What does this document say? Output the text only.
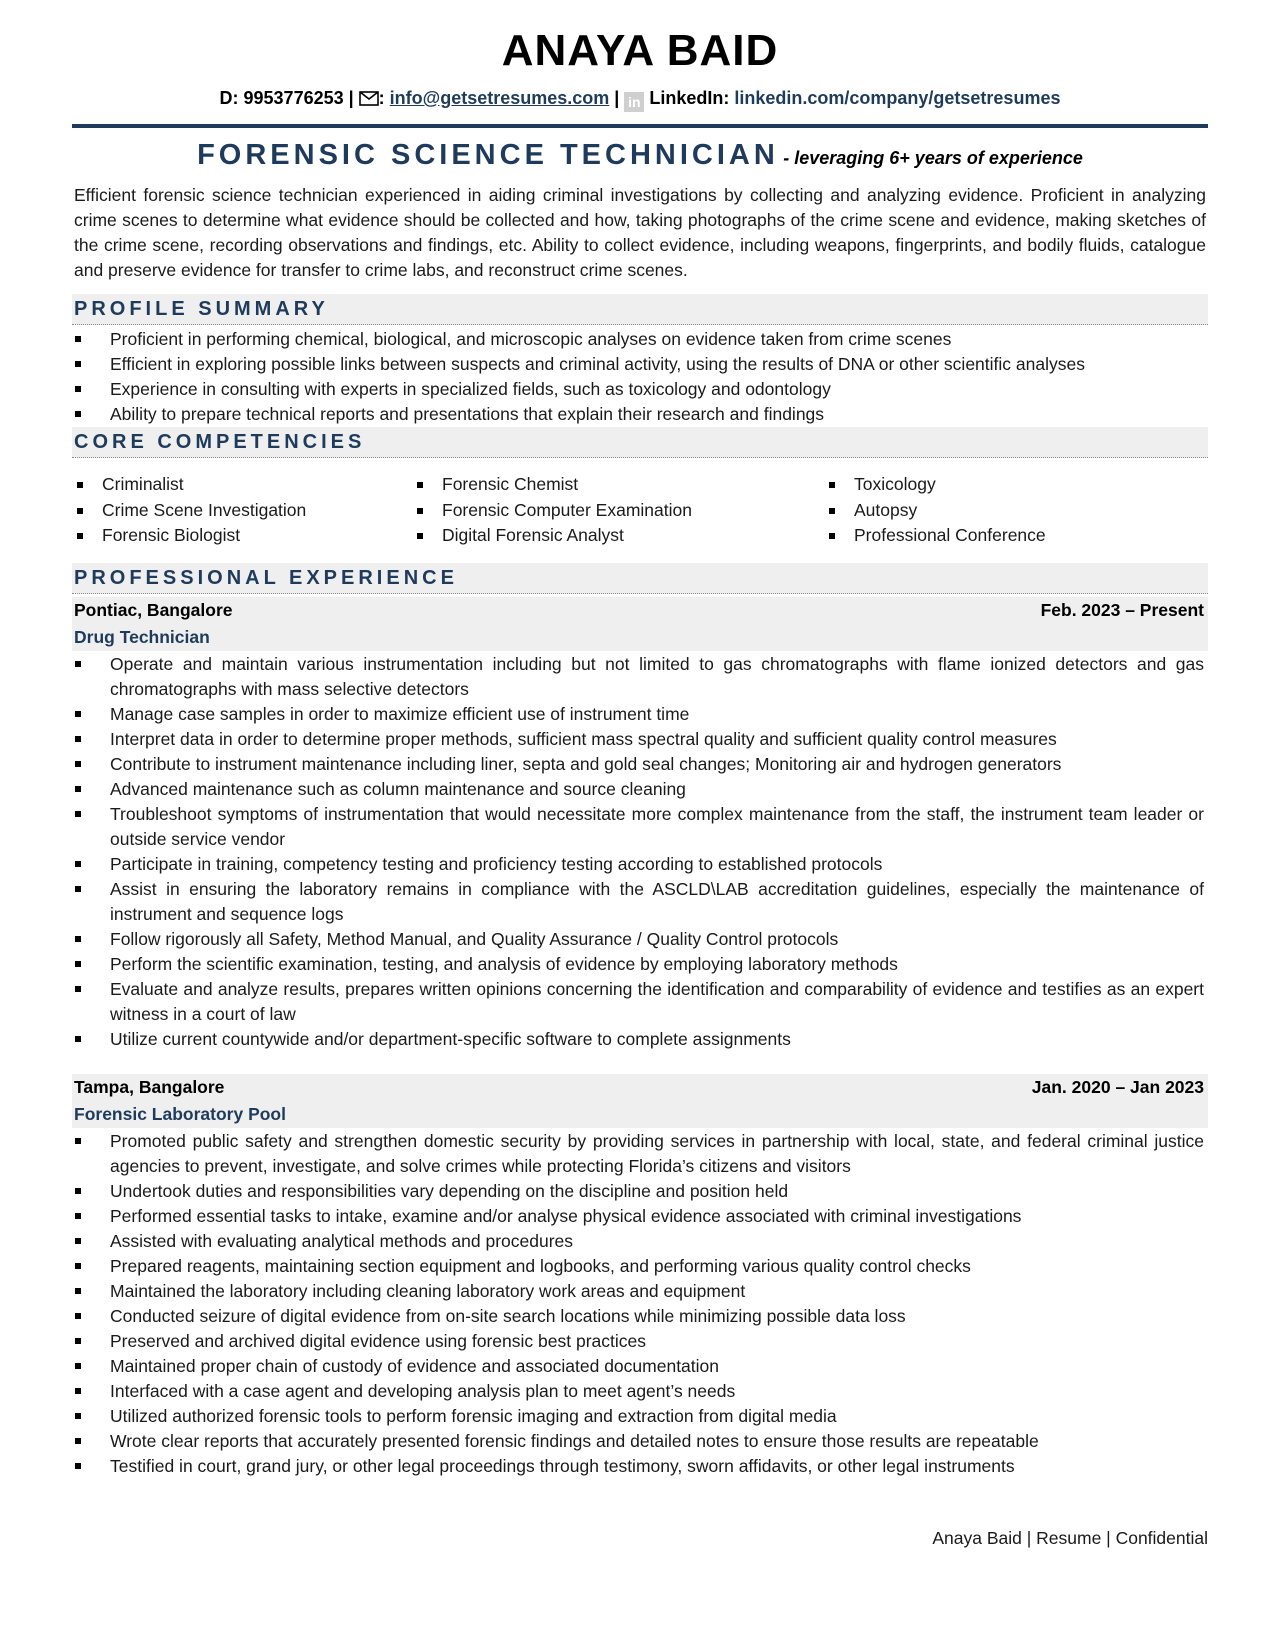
ANAYA BAID
D: 9953776253 | : info@getsetresumes.com | in LinkedIn: linkedin.com/company/getsetresumes
FORENSIC SCIENCE TECHNICIAN - leveraging 6+ years of experience
Efficient forensic science technician experienced in aiding criminal investigations by collecting and analyzing evidence. Proficient in analyzing crime scenes to determine what evidence should be collected and how, taking photographs of the crime scene and evidence, making sketches of the crime scene, recording observations and findings, etc. Ability to collect evidence, including weapons, fingerprints, and bodily fluids, catalogue and preserve evidence for transfer to crime labs, and reconstruct crime scenes.
PROFILE SUMMARY
Proficient in performing chemical, biological, and microscopic analyses on evidence taken from crime scenes
Efficient in exploring possible links between suspects and criminal activity, using the results of DNA or other scientific analyses
Experience in consulting with experts in specialized fields, such as toxicology and odontology
Ability to prepare technical reports and presentations that explain their research and findings
CORE COMPETENCIES
Criminalist
Crime Scene Investigation
Forensic Biologist
Forensic Chemist
Forensic Computer Examination
Digital Forensic Analyst
Toxicology
Autopsy
Professional Conference
PROFESSIONAL EXPERIENCE
Pontiac, Bangalore	Feb. 2023 – Present
Drug Technician
Operate and maintain various instrumentation including but not limited to gas chromatographs with flame ionized detectors and gas chromatographs with mass selective detectors
Manage case samples in order to maximize efficient use of instrument time
Interpret data in order to determine proper methods, sufficient mass spectral quality and sufficient quality control measures
Contribute to instrument maintenance including liner, septa and gold seal changes; Monitoring air and hydrogen generators
Advanced maintenance such as column maintenance and source cleaning
Troubleshoot symptoms of instrumentation that would necessitate more complex maintenance from the staff, the instrument team leader or outside service vendor
Participate in training, competency testing and proficiency testing according to established protocols
Assist in ensuring the laboratory remains in compliance with the ASCLD\LAB accreditation guidelines, especially the maintenance of instrument and sequence logs
Follow rigorously all Safety, Method Manual, and Quality Assurance / Quality Control protocols
Perform the scientific examination, testing, and analysis of evidence by employing laboratory methods
Evaluate and analyze results, prepares written opinions concerning the identification and comparability of evidence and testifies as an expert witness in a court of law
Utilize current countywide and/or department-specific software to complete assignments
Tampa, Bangalore	Jan. 2020 – Jan 2023
Forensic Laboratory Pool
Promoted public safety and strengthen domestic security by providing services in partnership with local, state, and federal criminal justice agencies to prevent, investigate, and solve crimes while protecting Florida’s citizens and visitors
Undertook duties and responsibilities vary depending on the discipline and position held
Performed essential tasks to intake, examine and/or analyse physical evidence associated with criminal investigations
Assisted with evaluating analytical methods and procedures
Prepared reagents, maintaining section equipment and logbooks, and performing various quality control checks
Maintained the laboratory including cleaning laboratory work areas and equipment
Conducted seizure of digital evidence from on-site search locations while minimizing possible data loss
Preserved and archived digital evidence using forensic best practices
Maintained proper chain of custody of evidence and associated documentation
Interfaced with a case agent and developing analysis plan to meet agent’s needs
Utilized authorized forensic tools to perform forensic imaging and extraction from digital media
Wrote clear reports that accurately presented forensic findings and detailed notes to ensure those results are repeatable
Testified in court, grand jury, or other legal proceedings through testimony, sworn affidavits, or other legal instruments
Anaya Baid | Resume | Confidential
